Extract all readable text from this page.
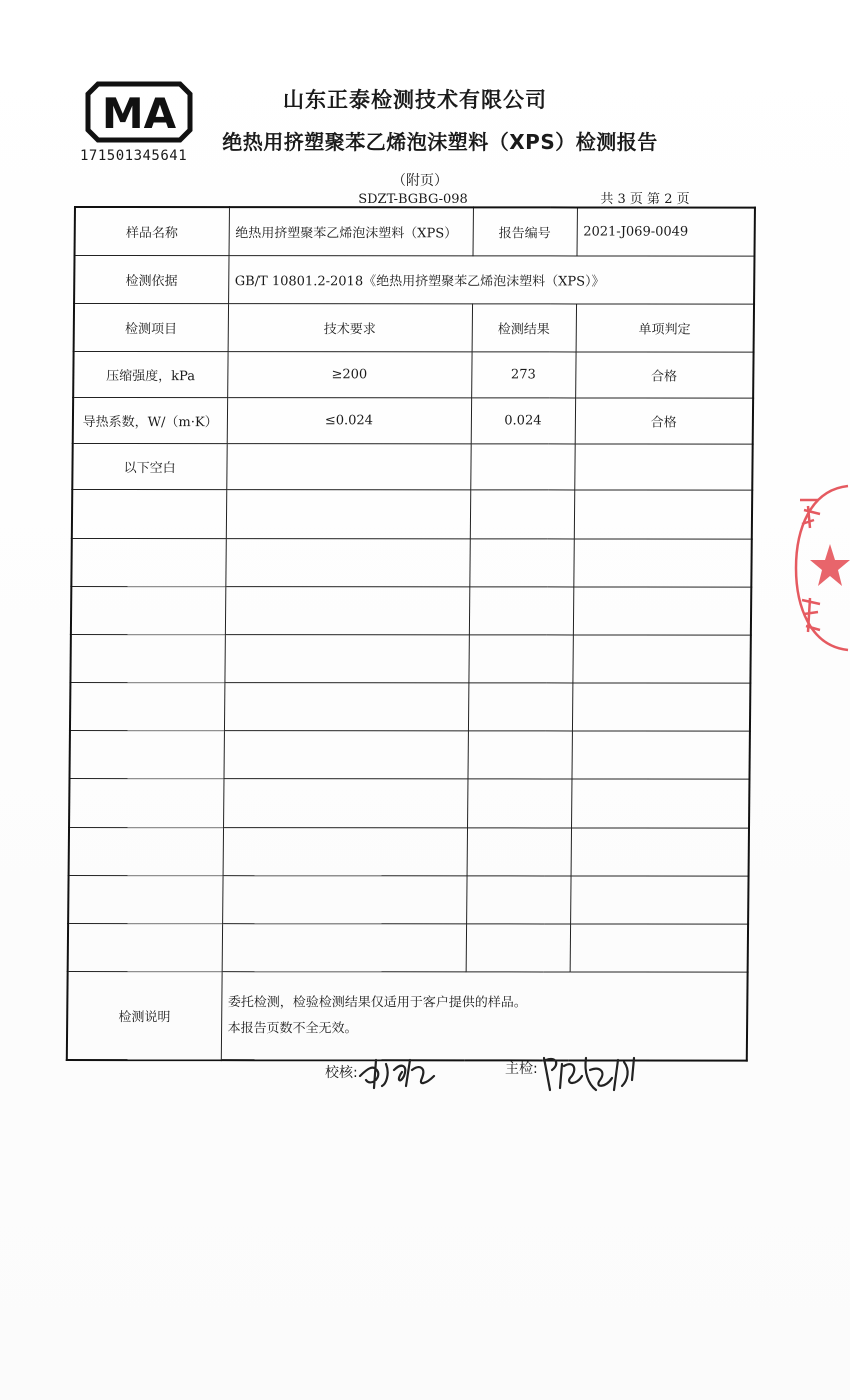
MA
171501345641
山东正泰检测技术有限公司
绝热用挤塑聚苯乙烯泡沫塑料（XPS）检测报告
（附页）
SDZT-BGBG-098	共 3 页 第 2 页
样品名称	绝热用挤塑聚苯乙烯泡沫塑料（XPS）	报告编号	2021-J069-0049
检测依据	GB/T 10801.2-2018《绝热用挤塑聚苯乙烯泡沫塑料（XPS）》		
检测项目	技术要求	检测结果	单项判定
压缩强度，kPa	≥200	273	合格
导热系数，W/（m·K）	≤0.024	0.024	合格
以下空白			

检测说明	委托检测，检验检测结果仅适用于客户提供的样品。
本报告页数不全无效。		
校核:	主检:
